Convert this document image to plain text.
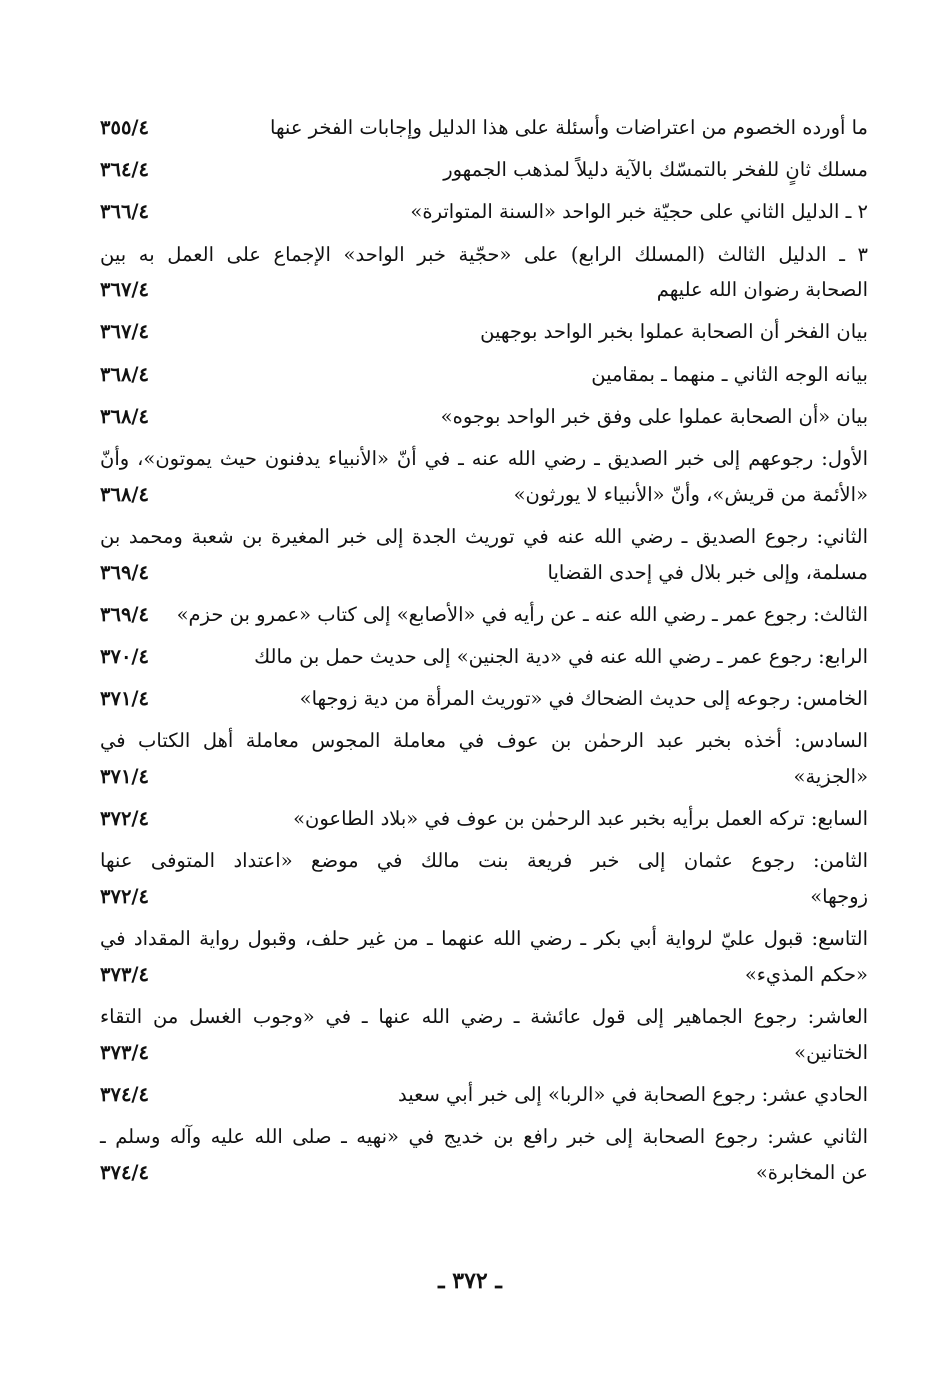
ما أورده الخصوم من اعتراضات وأسئلة على هذا الدليل وإجابات الفخر عنها
٣٥٥/٤
مسلك ثانٍ للفخر بالتمسّك بالآية دليلاً لمذهب الجمهور
٣٦٤/٤
٢ ـ الدليل الثاني على حجيّة خبر الواحد «السنة المتواترة»
٣٦٦/٤
٣ ـ الدليل الثالث (المسلك الرابع) على «حجّية خبر الواحد» الإجماع على العمل به بين
الصحابة رضوان الله عليهم
٣٦٧/٤
بيان الفخر أن الصحابة عملوا بخبر الواحد بوجهين
٣٦٧/٤
بيانه الوجه الثاني ـ منهما ـ بمقامين
٣٦٨/٤
بيان «أن الصحابة عملوا على وفق خبر الواحد بوجوه»
٣٦٨/٤
الأول: رجوعهم إلى خبر الصديق ـ رضي الله عنه ـ في أنّ «الأنبياء يدفنون حيث يموتون»، وأنّ
«الأئمة من قريش»، وأنّ «الأنبياء لا يورثون»
٣٦٨/٤
الثاني: رجوع الصديق ـ رضي الله عنه في توريث الجدة إلى خبر المغيرة بن شعبة ومحمد بن
مسلمة، وإلى خبر بلال في إحدى القضايا
٣٦٩/٤
الثالث: رجوع عمر ـ رضي الله عنه ـ عن رأيه في «الأصابع» إلى كتاب «عمرو بن حزم»
٣٦٩/٤
الرابع: رجوع عمر ـ رضي الله عنه في «دية الجنين» إلى حديث حمل بن مالك
٣٧٠/٤
الخامس: رجوعه إلى حديث الضحاك في «توريث المرأة من دية زوجها»
٣٧١/٤
السادس: أخذه بخبر عبد الرحمٰن بن عوف في معاملة المجوس معاملة أهل الكتاب في
«الجزية»
٣٧١/٤
السابع: تركه العمل برأيه بخبر عبد الرحمٰن بن عوف في «بلاد الطاعون»
٣٧٢/٤
الثامن: رجوع عثمان إلى خبر فريعة بنت مالك في موضع «اعتداد المتوفى عنها
زوجها»
٣٧٢/٤
التاسع: قبول عليّ لرواية أبي بكر ـ رضي الله عنهما ـ من غير حلف، وقبول رواية المقداد في
«حكم المذيء»
٣٧٣/٤
العاشر: رجوع الجماهير إلى قول عائشة ـ رضي الله عنها ـ في «وجوب الغسل من التقاء
الختانين»
٣٧٣/٤
الحادي عشر: رجوع الصحابة في «الربا» إلى خبر أبي سعيد
٣٧٤/٤
الثاني عشر: رجوع الصحابة إلى خبر رافع بن خديج في «نهيه ـ صلى الله عليه وآله وسلم ـ
عن المخابرة»
٣٧٤/٤
ـ ٣٧٢ ـ
